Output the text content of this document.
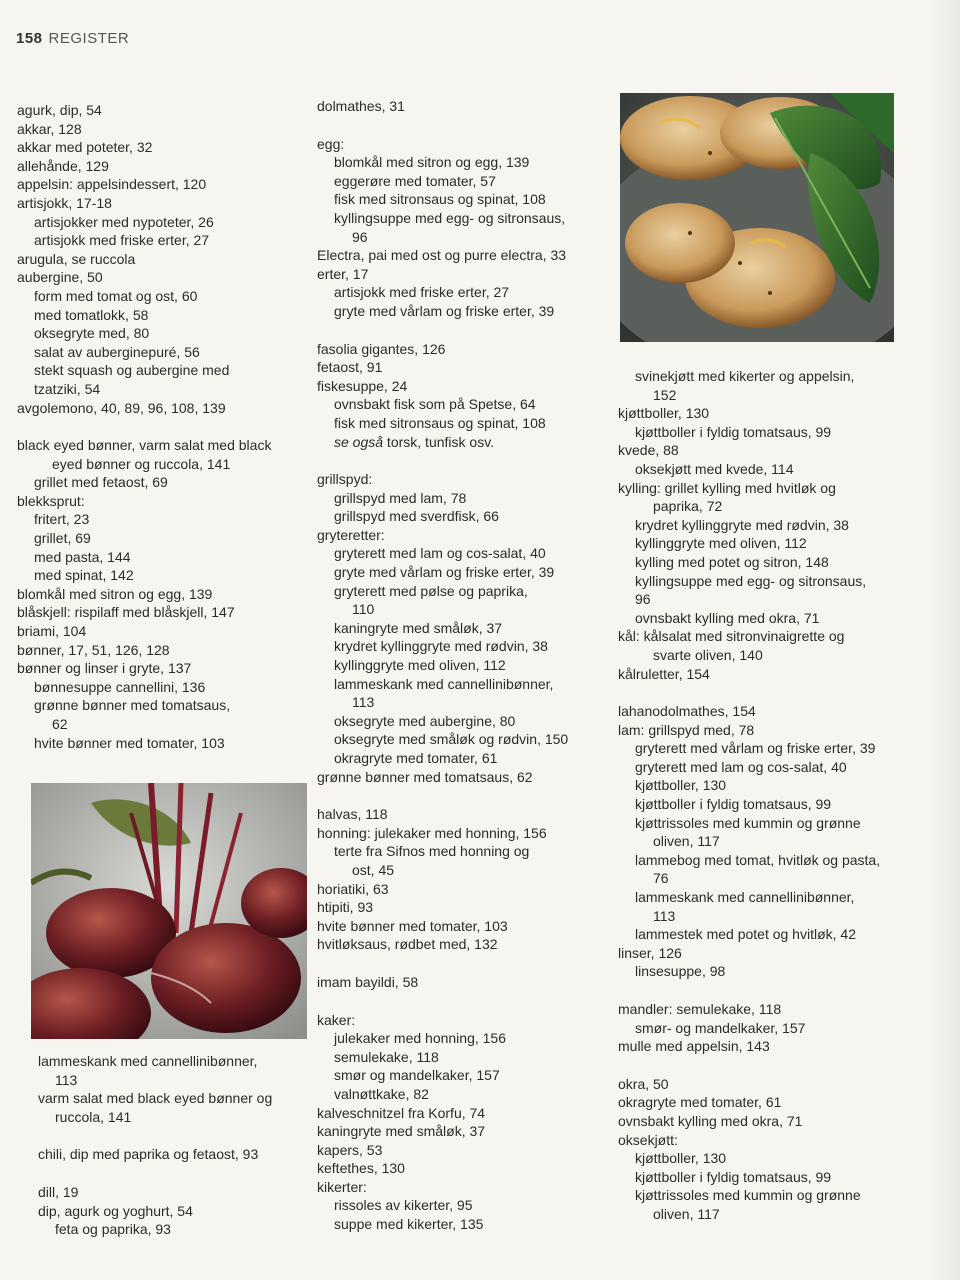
158 REGISTER
agurk, dip, 54
akkar, 128
akkar med poteter, 32
allehånde, 129
appelsin: appelsindessert, 120
artisjokk, 17-18
artisjokker med nypoteter, 26
artisjokk med friske erter, 27
arugula, se ruccola
aubergine, 50
form med tomat og ost, 60
med tomatlokk, 58
oksegryte med, 80
salat av auberginepuré, 56
stekt squash og aubergine med
tzatziki, 54
avgolemono, 40, 89, 96, 108, 139
black eyed bønner, varm salat med black
eyed bønner og ruccola, 141
grillet med fetaost, 69
blekksprut:
fritert, 23
grillet, 69
med pasta, 144
med spinat, 142
blomkål med sitron og egg, 139
blåskjell: rispilaff med blåskjell, 147
briami, 104
bønner, 17, 51, 126, 128
bønner og linser i gryte, 137
bønnesuppe cannellini, 136
grønne bønner med tomatsaus,
62
hvite bønner med tomater, 103
lammeskank med cannellinibønner,
113
varm salat med black eyed bønner og
ruccola, 141
chili, dip med paprika og fetaost, 93
dill, 19
dip, agurk og yoghurt, 54
feta og paprika, 93
dolmathes, 31
egg:
blomkål med sitron og egg, 139
eggerøre med tomater, 57
fisk med sitronsaus og spinat, 108
kyllingsuppe med egg- og sitronsaus,
96
Electra, pai med ost og purre electra, 33
erter, 17
artisjokk med friske erter, 27
gryte med vårlam og friske erter, 39
fasolia gigantes, 126
fetaost, 91
fiskesuppe, 24
ovnsbakt fisk som på Spetse, 64
fisk med sitronsaus og spinat, 108
se også torsk, tunfisk osv.
grillspyd:
grillspyd med lam, 78
grillspyd med sverdfisk, 66
gryteretter:
gryterett med lam og cos-salat, 40
gryte med vårlam og friske erter, 39
gryterett med pølse og paprika,
110
kaningryte med småløk, 37
krydret kyllinggryte med rødvin, 38
kyllinggryte med oliven, 112
lammeskank med cannellinibønner,
113
oksegryte med aubergine, 80
oksegryte med småløk og rødvin, 150
okragryte med tomater, 61
grønne bønner med tomatsaus, 62
halvas, 118
honning: julekaker med honning, 156
terte fra Sifnos med honning og
ost, 45
horiatiki, 63
htipiti, 93
hvite bønner med tomater, 103
hvitløksaus, rødbet med, 132
imam bayildi, 58
kaker:
julekaker med honning, 156
semulekake, 118
smør og mandelkaker, 157
valnøttkake, 82
kalveschnitzel fra Korfu, 74
kaningryte med småløk, 37
kapers, 53
keftethes, 130
kikerter:
rissoles av kikerter, 95
suppe med kikerter, 135
svinekjøtt med kikerter og appelsin,
152
kjøttboller, 130
kjøttboller i fyldig tomatsaus, 99
kvede, 88
oksekjøtt med kvede, 114
kylling: grillet kylling med hvitløk og
paprika, 72
krydret kyllinggryte med rødvin, 38
kyllinggryte med oliven, 112
kylling med potet og sitron, 148
kyllingsuppe med egg- og sitronsaus,
96
ovnsbakt kylling med okra, 71
kål: kålsalat med sitronvinaigrette og
svarte oliven, 140
kålruletter, 154
lahanodolmathes, 154
lam: grillspyd med, 78
gryterett med vårlam og friske erter, 39
gryterett med lam og cos-salat, 40
kjøttboller, 130
kjøttboller i fyldig tomatsaus, 99
kjøttrissoles med kummin og grønne
oliven, 117
lammebog med tomat, hvitløk og pasta,
76
lammeskank med cannellinibønner,
113
lammestek med potet og hvitløk, 42
linser, 126
linsesuppe, 98
mandler: semulekake, 118
smør- og mandelkaker, 157
mulle med appelsin, 143
okra, 50
okragryte med tomater, 61
ovnsbakt kylling med okra, 71
oksekjøtt:
kjøttboller, 130
kjøttboller i fyldig tomatsaus, 99
kjøttrissoles med kummin og grønne
oliven, 117
